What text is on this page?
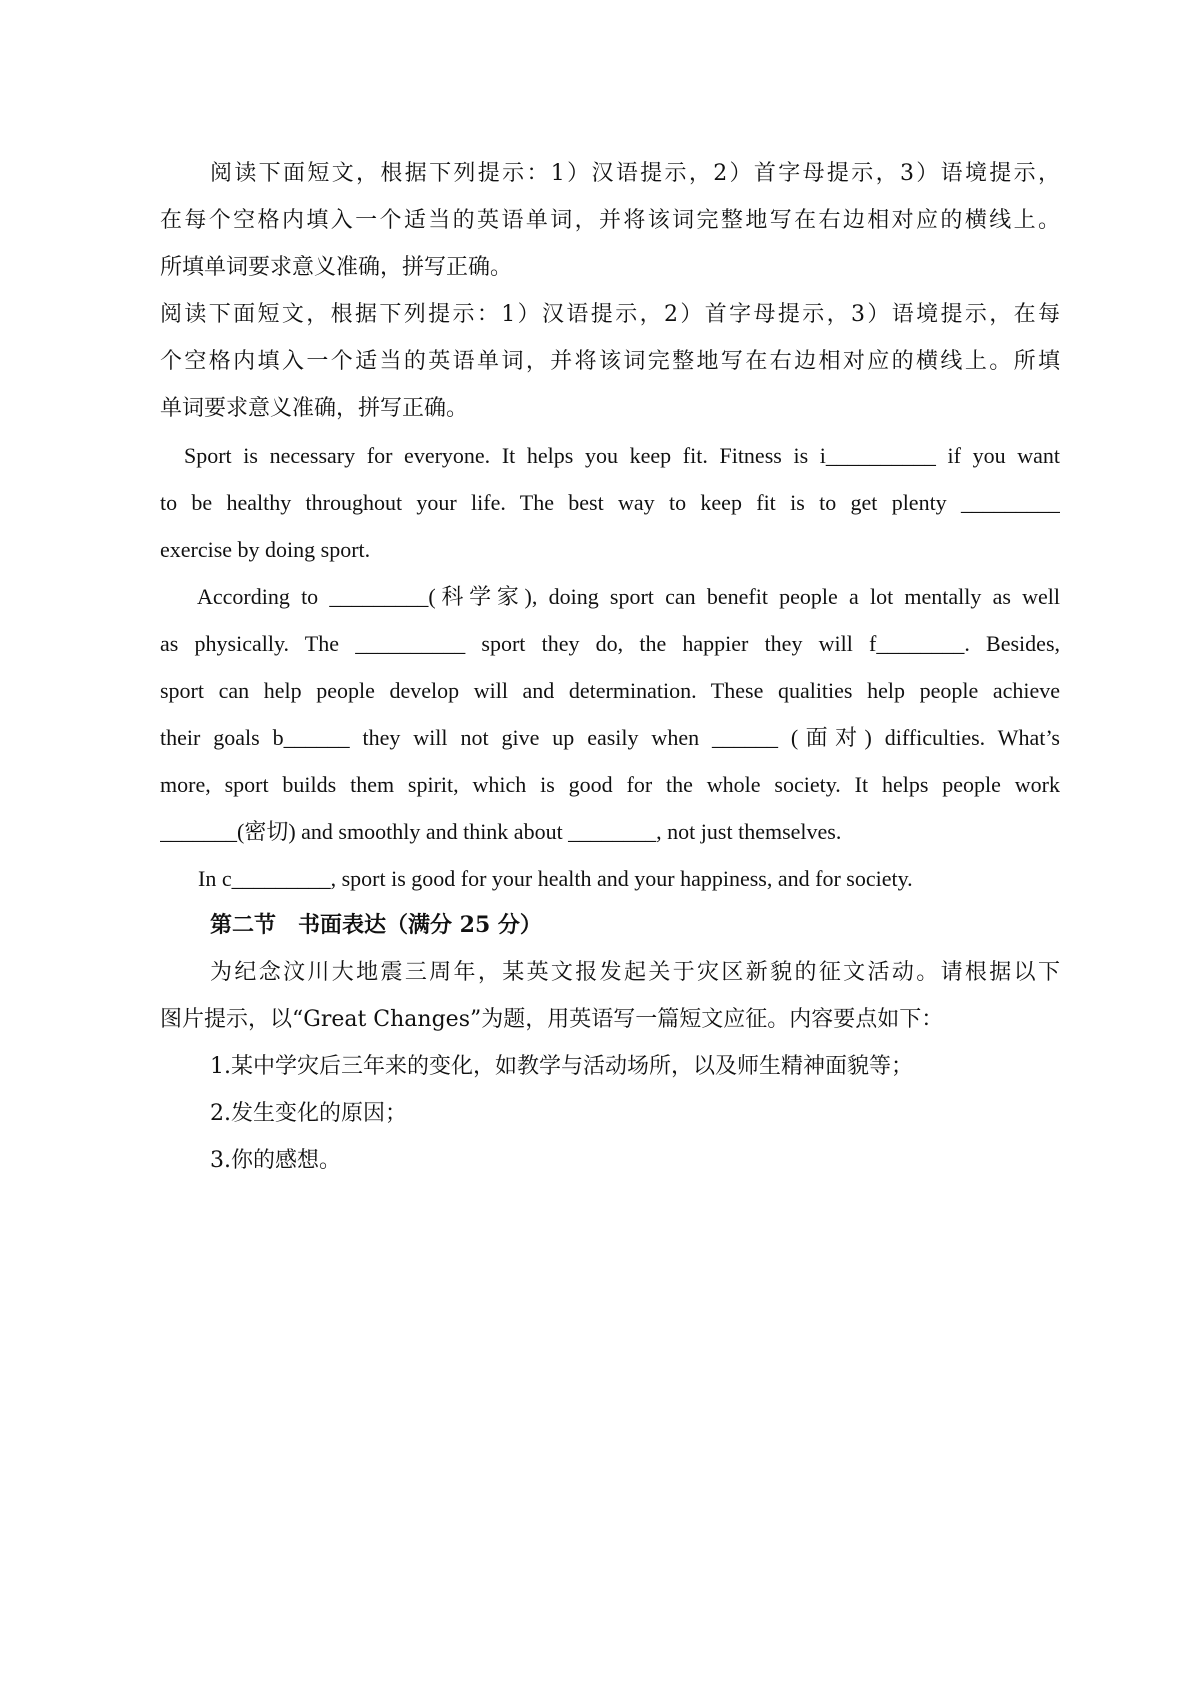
阅读下面短文，根据下列提示：1）汉语提示，2）首字母提示，3）语境提示，
在每个空格内填入一个适当的英语单词，并将该词完整地写在右边相对应的横线上。
所填单词要求意义准确，拼写正确。
阅读下面短文，根据下列提示：1）汉语提示，2）首字母提示，3）语境提示，在每
个空格内填入一个适当的英语单词，并将该词完整地写在右边相对应的横线上。所填
单词要求意义准确，拼写正确。
Sport is necessary for everyone. It helps you keep fit. Fitness is i__________ if you want
to be healthy throughout your life. The best way to keep fit is to get plenty _________
exercise by doing sport.
According to _________(科学家), doing sport can benefit people a lot mentally as well
as physically. The __________ sport they do, the happier they will f________. Besides,
sport can help people develop will and determination. These qualities help people achieve
their goals b______ they will not give up easily when ______ (面对) difficulties. What’s
more, sport builds them spirit, which is good for the whole society. It helps people work
_______(密切) and smoothly and think about ________, not just themselves.
In c_________, sport is good for your health and your happiness, and for society.
第二节　书面表达（满分 25 分）
为纪念汶川大地震三周年，某英文报发起关于灾区新貌的征文活动。请根据以下
图片提示，以“Great Changes”为题，用英语写一篇短文应征。内容要点如下：
1.某中学灾后三年来的变化，如教学与活动场所，以及师生精神面貌等；
2.发生变化的原因；
3.你的感想。
